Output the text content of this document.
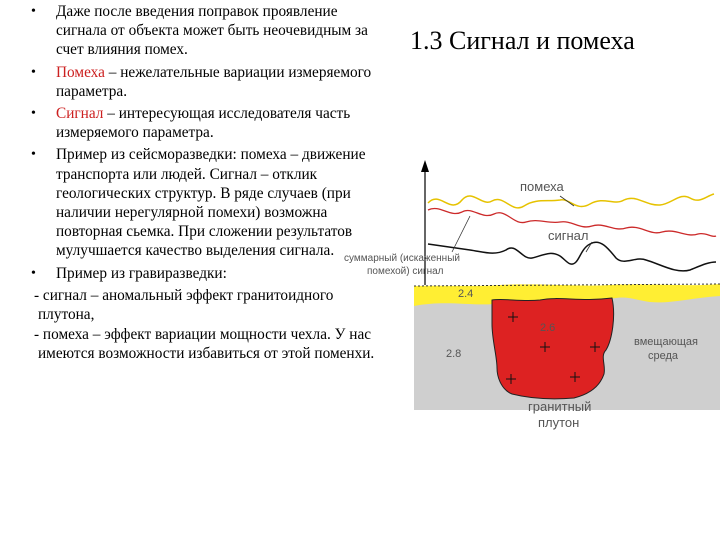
1.3 Сигнал и помеха
• Даже после введения поправок проявление сигнала от объекта может быть неочевидным за счет влияния помех.
• Помеха – нежелательные вариации измеряемого параметра.
• Сигнал – интересующая исследователя часть измеряемого параметра.
• Пример из сейсморазведки: помеха – движение транспорта или людей. Сигнал – отклик геологических структур. В ряде случаев (при наличии нерегулярной помехи) возможна повторная сьемка. При сложении результатов мулучшается качество выделения сигнала.
• Пример из гравиразведки:
- сигнал – аномальный эффект гранитоидного плутона,
- помеха – эффект вариации мощности чехла. У нас имеются возможности избавиться от этой поменхи.
помеха
сигнал
суммарный (искаженный
помехой) сигнал
2.4
2.6
2.8
вмещающая
среда
гранитный
плутон
